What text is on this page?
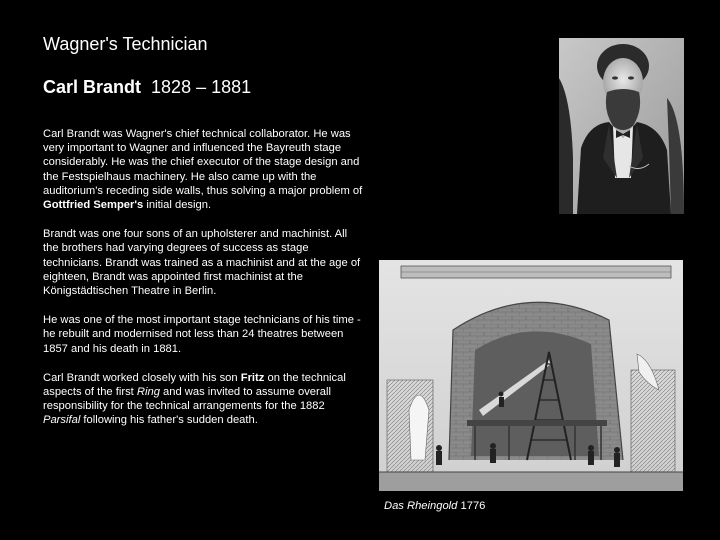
Wagner's Technician
Carl Brandt 1828 – 1881

Carl Brandt was Wagner's chief technical collaborator. He was very important to Wagner and influenced the Bayreuth stage considerably. He was the chief executor of the stage design and the Festspielhaus machinery. He also came up with the auditorium's receding side walls, thus solving a major problem of Gottfried Semper's initial design.

Brandt was one four sons of an upholsterer and machinist. All the brothers had varying degrees of success as stage technicians. Brandt was trained as a machinist and at the age of eighteen, Brandt was appointed first machinist at the Königstädtischen Theatre in Berlin.

He was one of the most important stage technicians of his time - he rebuilt and modernised not less than 24 theatres between 1857 and his death in 1881.

Carl Brandt worked closely with his son Fritz on the technical aspects of the first Ring and was invited to assume overall responsibility for the technical arrangements for the 1882 Parsifal following his father's sudden death.

Das Rheingold 1776
